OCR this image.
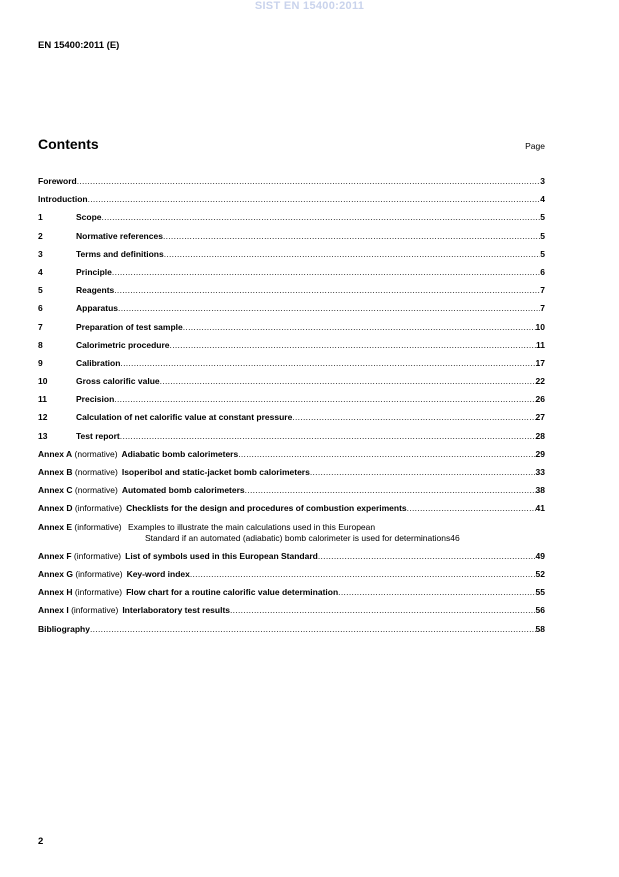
SIST EN 15400:2011
EN 15400:2011 (E)
Contents	Page
Foreword .....	3
Introduction .....	4
1	Scope .....	5
2	Normative references .....	5
3	Terms and definitions .....	5
4	Principle .....	6
5	Reagents .....	7
6	Apparatus .....	7
7	Preparation of test sample .....	10
8	Calorimetric procedure .....	11
9	Calibration .....	17
10	Gross calorific value .....	22
11	Precision .....	26
12	Calculation of net calorific value at constant pressure .....	27
13	Test report .....	28
Annex A
(normative) Adiabatic bomb calorimeters .....	29
Annex B
(normative) Isoperibol and static-jacket bomb calorimeters .....	33
Annex C
(normative) Automated bomb calorimeters .....	38
Annex D
(informative) Checklists for the design and procedures of combustion experiments .....	41
Annex E (informative) Examples to illustrate the main calculations used in this European
Standard if an automated (adiabatic) bomb calorimeter is used for determinations 46
Annex F
(informative) List of symbols used in this European Standard .....	49
Annex G
(informative) Key-word index .....	52
Annex H
(informative) Flow chart for a routine calorific value determination .....	55
Annex I
(informative) Interlaboratory test results .....	56
Bibliography .....	58
2
